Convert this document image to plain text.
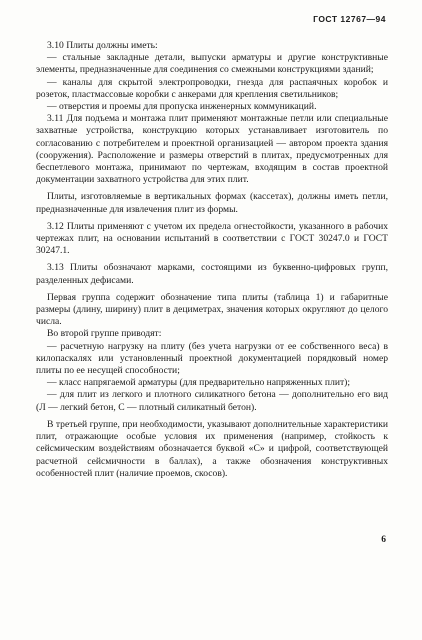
ГОСТ 12767—94

3.10 Плиты должны иметь:

— стальные закладные детали, выпуски арматуры и другие конструктивные элементы, предназначенные для соединения со смежными конструкциями зданий;

— каналы для скрытой электропроводки, гнезда для распаячных коробок и розеток, пластмассовые коробки с анкерами для крепления светильников;

— отверстия и проемы для пропуска инженерных коммуникаций.

3.11 Для подъема и монтажа плит применяют монтажные петли или специальные захватные устройства, конструкцию которых устанавливает изготовитель по согласованию с потребителем и проектной организацией — автором проекта здания (сооружения). Расположение и размеры отверстий в плитах, предусмотренных для беспетлевого монтажа, принимают по чертежам, входящим в состав проектной документации захватного устройства для этих плит.

Плиты, изготовляемые в вертикальных формах (кассетах), должны иметь петли, предназначенные для извлечения плит из формы.

3.12 Плиты применяют с учетом их предела огнестойкости, указанного в рабочих чертежах плит, на основании испытаний в соответствии с ГОСТ 30247.0 и ГОСТ 30247.1.

3.13 Плиты обозначают марками, состоящими из буквенно-цифровых групп, разделенных дефисами.

Первая группа содержит обозначение типа плиты (таблица 1) и габаритные размеры (длину, ширину) плит в дециметрах, значения которых округляют до целого числа.

Во второй группе приводят:

— расчетную нагрузку на плиту (без учета нагрузки от ее собственного веса) в килопаскалях или установленный проектной документацией порядковый номер плиты по ее несущей способности;

— класс напрягаемой арматуры (для предварительно напряженных плит);

— для плит из легкого и плотного силикатного бетона — дополнительно его вид (Л — легкий бетон, С — плотный силикатный бетон).

В третьей группе, при необходимости, указывают дополнительные характеристики плит, отражающие особые условия их применения (например, стойкость к сейсмическим воздействиям обозначается буквой «С» и цифрой, соответствующей расчетной сейсмичности в баллах), а также обозначения конструктивных особенностей плит (наличие проемов, скосов).

6
